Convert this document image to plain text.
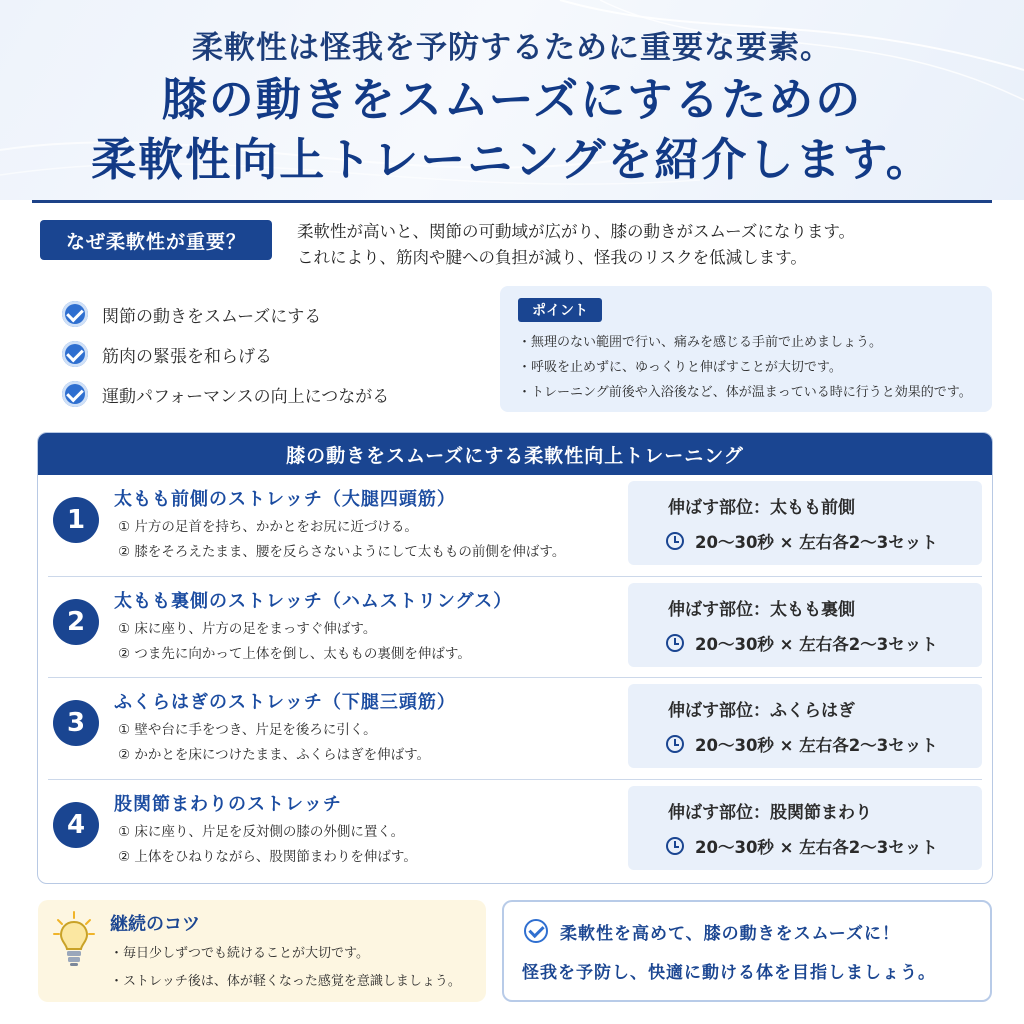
柔軟性は怪我を予防するために重要な要素。
膝の動きをスムーズにするための
柔軟性向上トレーニングを紹介します。
なぜ柔軟性が重要？	柔軟性が高いと、関節の可動域が広がり、膝の動きがスムーズになります。
これにより、筋肉や腱への負担が減り、怪我のリスクを低減します。
関節の動きをスムーズにする
筋肉の緊張を和らげる
運動パフォーマンスの向上につながる
ポイント
・無理のない範囲で行い、痛みを感じる手前で止めましょう。
・呼吸を止めずに、ゆっくりと伸ばすことが大切です。
・トレーニング前後や入浴後など、体が温まっている時に行うと効果的です。
膝の動きをスムーズにする柔軟性向上トレーニング
1
太もも前側のストレッチ（大腿四頭筋）
① 片方の足首を持ち、かかとをお尻に近づける。
② 膝をそろえたまま、腰を反らさないようにして太ももの前側を伸ばす。
伸ばす部位：太もも前側
20〜30秒 × 左右各2〜3セット
2
太もも裏側のストレッチ（ハムストリングス）
① 床に座り、片方の足をまっすぐ伸ばす。
② つま先に向かって上体を倒し、太ももの裏側を伸ばす。
伸ばす部位：太もも裏側
20〜30秒 × 左右各2〜3セット
3
ふくらはぎのストレッチ（下腿三頭筋）
① 壁や台に手をつき、片足を後ろに引く。
② かかとを床につけたまま、ふくらはぎを伸ばす。
伸ばす部位：ふくらはぎ
20〜30秒 × 左右各2〜3セット
4
股関節まわりのストレッチ
① 床に座り、片足を反対側の膝の外側に置く。
② 上体をひねりながら、股関節まわりを伸ばす。
伸ばす部位：股関節まわり
20〜30秒 × 左右各2〜3セット
継続のコツ
・毎日少しずつでも続けることが大切です。
・ストレッチ後は、体が軽くなった感覚を意識しましょう。
柔軟性を高めて、膝の動きをスムーズに！
怪我を予防し、快適に動ける体を目指しましょう。
